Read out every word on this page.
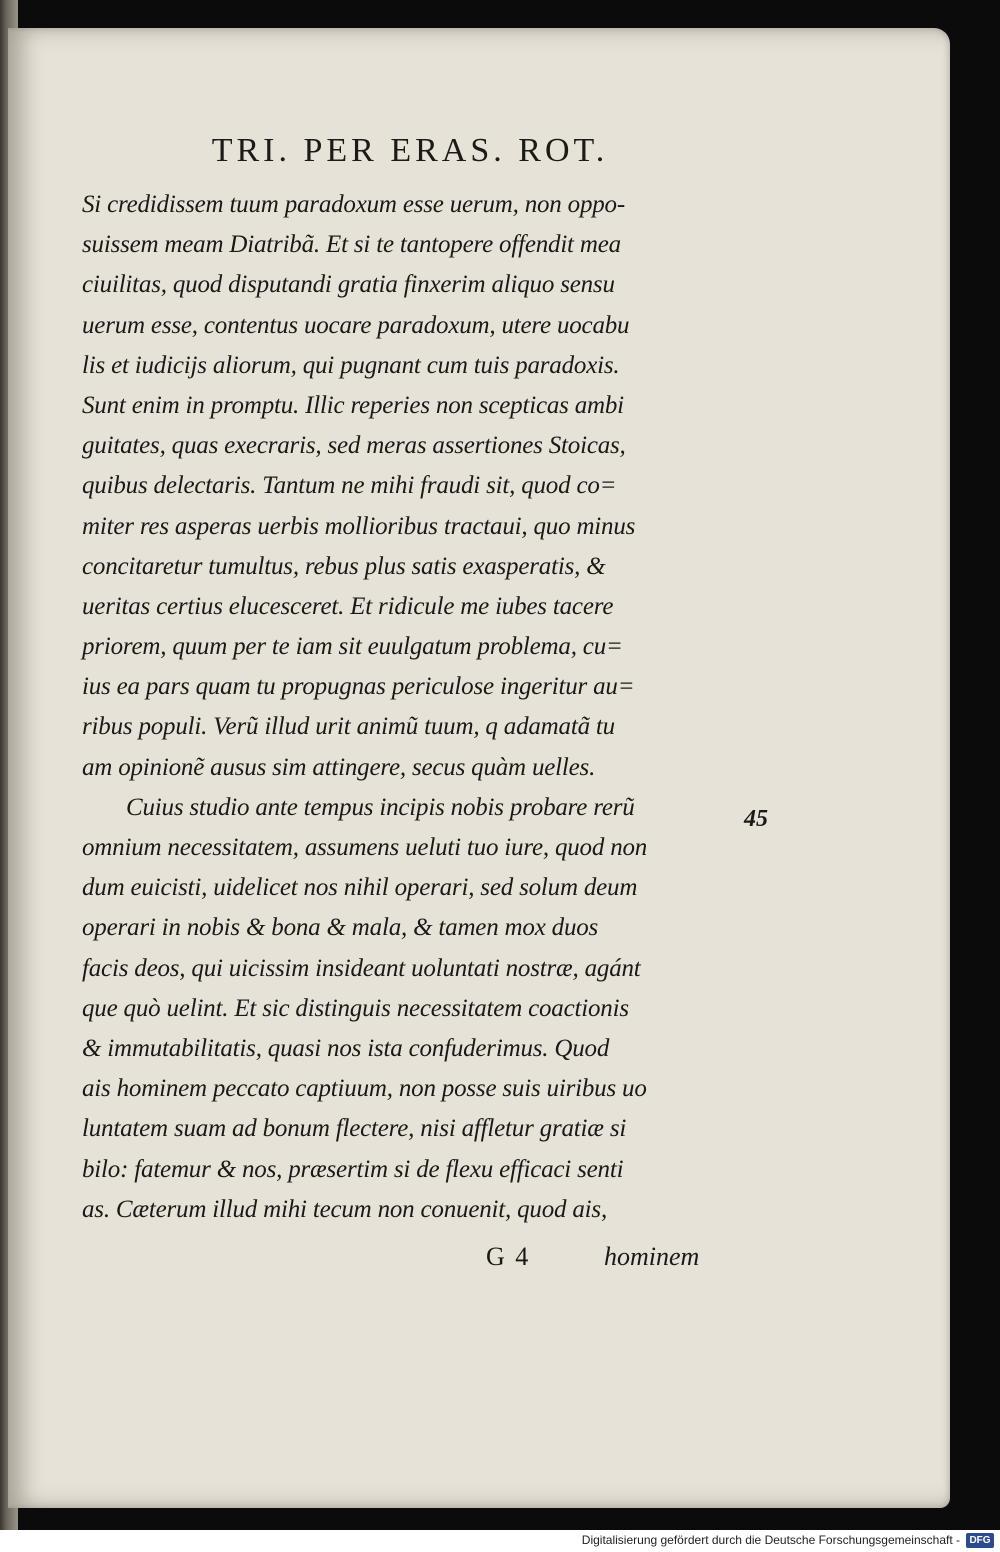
TRI. PER ERAS. ROT.
Si credidissem tuum paradoxum esse uerum, non oppo-
suissem meam Diatribã. Et si te tantopere offendit mea
ciuilitas, quod disputandi gratia finxerim aliquo sensu
uerum esse, contentus uocare paradoxum, utere uocabu
lis et iudicijs aliorum, qui pugnant cum tuis paradoxis.
Sunt enim in promptu. Illic reperies non scepticas ambi
guitates, quas execraris, sed meras assertiones Stoicas,
quibus delectaris. Tantum ne mihi fraudi sit, quod co=
miter res asperas uerbis mollioribus tractaui, quo minus
concitaretur tumultus, rebus plus satis exasperatis, &
ueritas certius elucesceret. Et ridicule me iubes tacere
priorem, quum per te iam sit euulgatum problema, cu=
ius ea pars quam tu propugnas periculose ingeritur au=
ribus populi. Verũ illud urit animũ tuum, q adamatã tu
am opinionẽ ausus sim attingere, secus quàm uelles.
Cuius studio ante tempus incipis nobis probare rerũ
omnium necessitatem, assumens ueluti tuo iure, quod non
dum euicisti, uidelicet nos nihil operari, sed solum deum
operari in nobis & bona & mala, & tamen mox duos
facis deos, qui uicissim insideant uoluntati nostræ, agánt
que quò uelint. Et sic distinguis necessitatem coactionis
& immutabilitatis, quasi nos ista confuderimus. Quod
ais hominem peccato captiuum, non posse suis uiribus uo
luntatem suam ad bonum flectere, nisi affletur gratiæ si
bilo: fatemur & nos, præsertim si de flexu efficaci senti
as. Cæterum illud mihi tecum non conuenit, quod ais,
45
G 4	hominem
Digitalisierung gefördert durch die Deutsche Forschungsgemeinschaft - DFG
